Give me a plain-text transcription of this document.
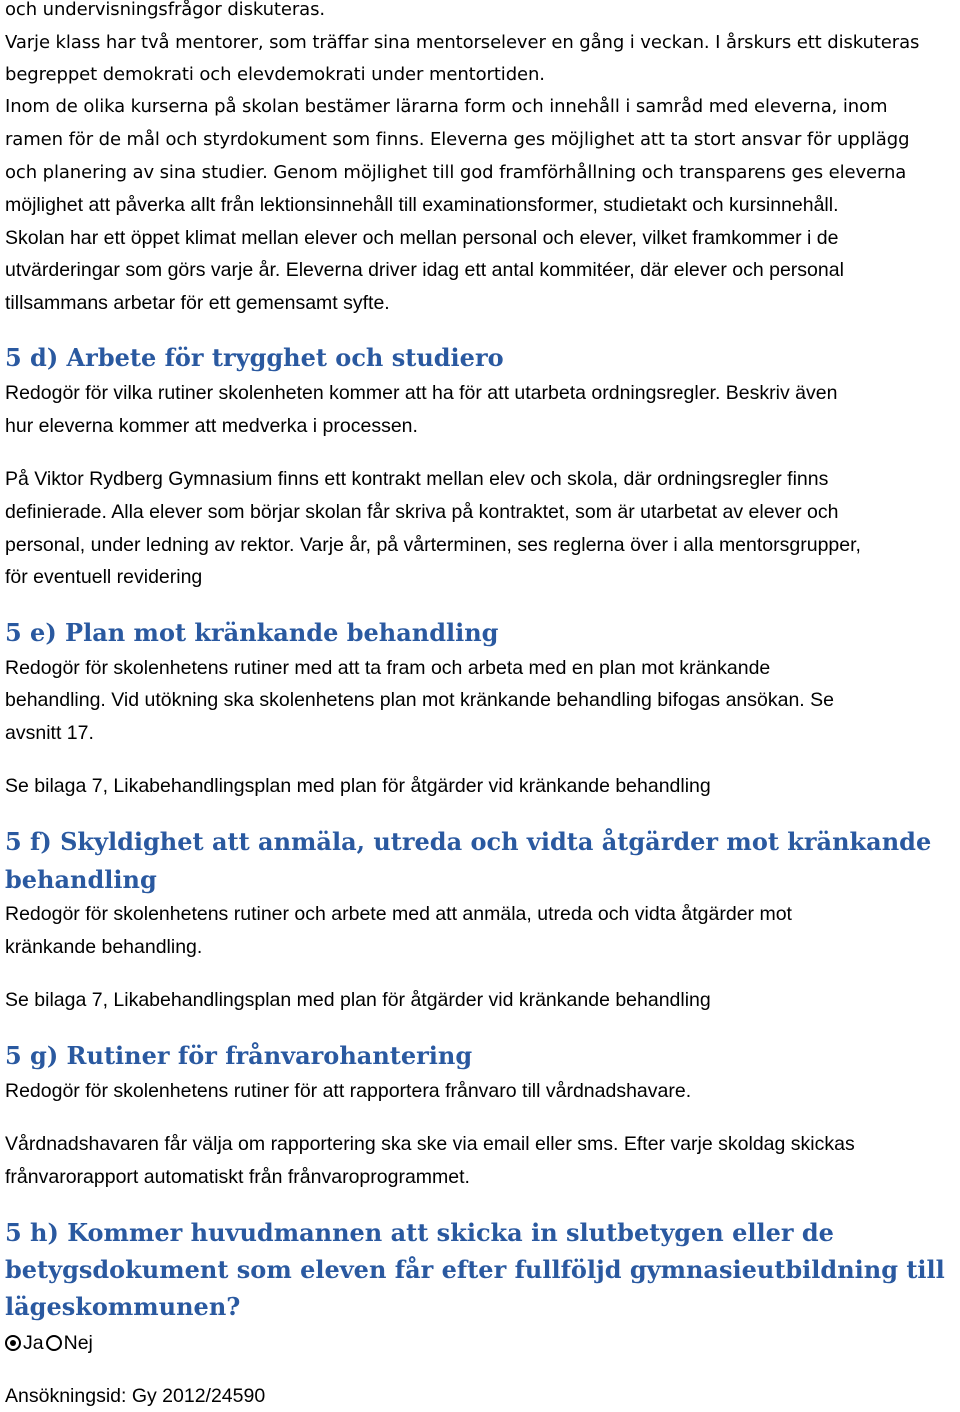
och undervisningsfrågor diskuteras.
Varje klass har två mentorer, som träffar sina mentorselever en gång i veckan. I årskurs ett diskuteras
begreppet demokrati och elevdemokrati under mentortiden.
Inom de olika kurserna på skolan bestämer lärarna form och innehåll i samråd med eleverna, inom
ramen för de mål och styrdokument som finns. Eleverna ges möjlighet att ta stort ansvar för upplägg
och planering av sina studier. Genom möjlighet till god framförhållning och transparens ges eleverna
möjlighet att påverka allt från lektionsinnehåll till examinationsformer, studietakt och kursinnehåll.
Skolan har ett öppet klimat mellan elever och mellan personal och elever, vilket framkommer i de
utvärderingar som görs varje år. Eleverna driver idag ett antal kommitéer, där elever och personal
tillsammans arbetar för ett gemensamt syfte.
5 d) Arbete för trygghet och studiero
Redogör för vilka rutiner skolenheten kommer att ha för att utarbeta ordningsregler. Beskriv även
hur eleverna kommer att medverka i processen.
På Viktor Rydberg Gymnasium finns ett kontrakt mellan elev och skola, där ordningsregler finns
definierade. Alla elever som börjar skolan får skriva på kontraktet, som är utarbetat av elever och
personal, under ledning av rektor. Varje år, på vårterminen, ses reglerna över i alla mentorsgrupper,
för eventuell revidering
5 e) Plan mot kränkande behandling
Redogör för skolenhetens rutiner med att ta fram och arbeta med en plan mot kränkande
behandling. Vid utökning ska skolenhetens plan mot kränkande behandling bifogas ansökan. Se
avsnitt 17.
Se bilaga 7, Likabehandlingsplan med plan för åtgärder vid kränkande behandling
5 f) Skyldighet att anmäla, utreda och vidta åtgärder mot kränkande
behandling
Redogör för skolenhetens rutiner och arbete med att anmäla, utreda och vidta åtgärder mot
kränkande behandling.
Se bilaga 7, Likabehandlingsplan med plan för åtgärder vid kränkande behandling
5 g) Rutiner för frånvarohantering
Redogör för skolenhetens rutiner för att rapportera frånvaro till vårdnadshavare.
Vårdnadshavaren får välja om rapportering ska ske via email eller sms. Efter varje skoldag skickas
frånvarorapport automatiskt från frånvaroprogrammet.
5 h) Kommer huvudmannen att skicka in slutbetygen eller de
betygsdokument som eleven får efter fullföljd gymnasieutbildning till
lägeskommunen?
Ja Nej
Ansökningsid: Gy 2012/24590
